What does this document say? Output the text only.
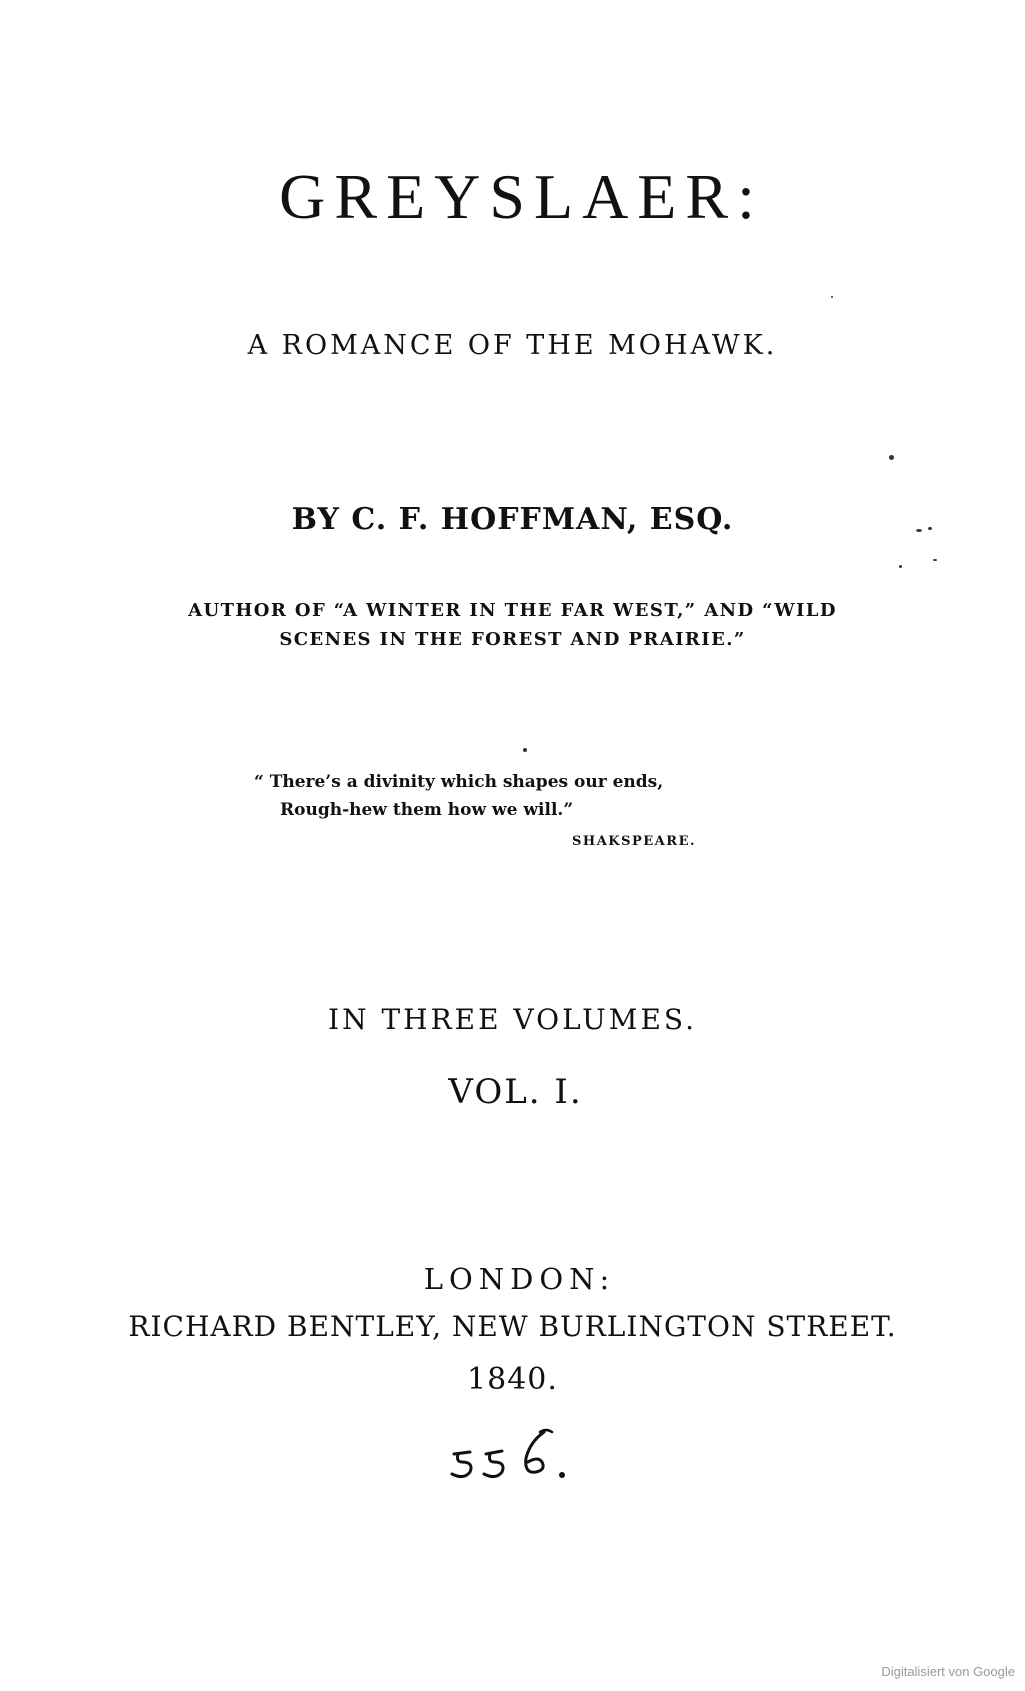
GREYSLAER:
A ROMANCE OF THE MOHAWK.
BY C. F. HOFFMAN, ESQ.
AUTHOR OF “A WINTER IN THE FAR WEST,” AND “WILD
SCENES IN THE FOREST AND PRAIRIE.”
“ There’s a divinity which shapes our ends,
Rough-hew them how we will.”
SHAKSPEARE.
IN THREE VOLUMES.
VOL. I.
LONDON:
RICHARD BENTLEY, NEW BURLINGTON STREET.
1840.
Digitalisiert von Google
